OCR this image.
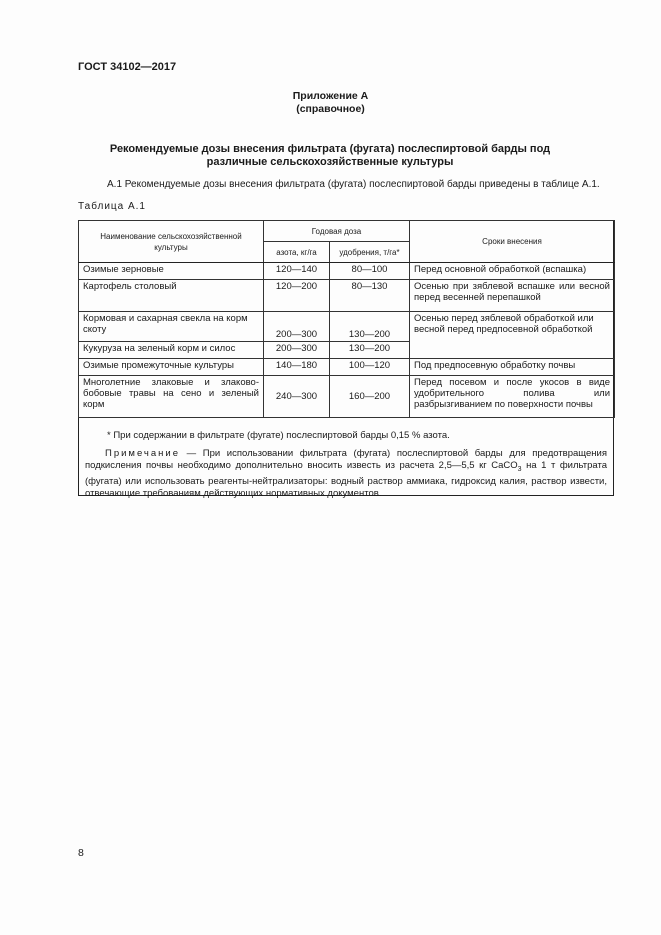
ГОСТ 34102—2017
Приложение А
(справочное)
Рекомендуемые дозы внесения фильтрата (фугата) послеспиртовой барды под различные сельскохозяйственные культуры
А.1 Рекомендуемые дозы внесения фильтрата (фугата) послеспиртовой барды приведены в таблице А.1.
Таблица А.1
Наименование сельскохозяйственной культуры	Годовая доза		Сроки внесения
	азота, кг/га	удобрения, т/га*	
Озимые зерновые	120—140	80—100	Перед основной обработкой (вспашка)
Картофель столовый	120—200	80—130	Осенью при зяблевой вспашке или весной перед весенней перепашкой
Кормовая и сахарная свекла на корм скоту	200—300	130—200	Осенью перед зяблевой обработкой или весной перед предпосевной обработкой
Кукуруза на зеленый корм и силос	200—300	130—200	
Озимые промежуточные культуры	140—180	100—120	Под предпосевную обработку почвы
Многолетние злаковые и злаково-бобовые травы на сено и зеленый корм	240—300	160—200	Перед посевом и после укосов в виде удобрительного полива или разбрызгиванием по поверхности почвы
* При содержании в фильтрате (фугате) послеспиртовой барды 0,15 % азота.
Примечание — При использовании фильтрата (фугата) послеспиртовой барды для предотвращения подкисления почвы необходимо дополнительно вносить известь из расчета 2,5—5,5 кг CaCO$_3$ на 1 т фильтрата (фугата) или использовать реагенты-нейтрализаторы: водный раствор аммиака, гидроксид калия, раствор извести, отвечающие требованиям действующих нормативных документов.
8
